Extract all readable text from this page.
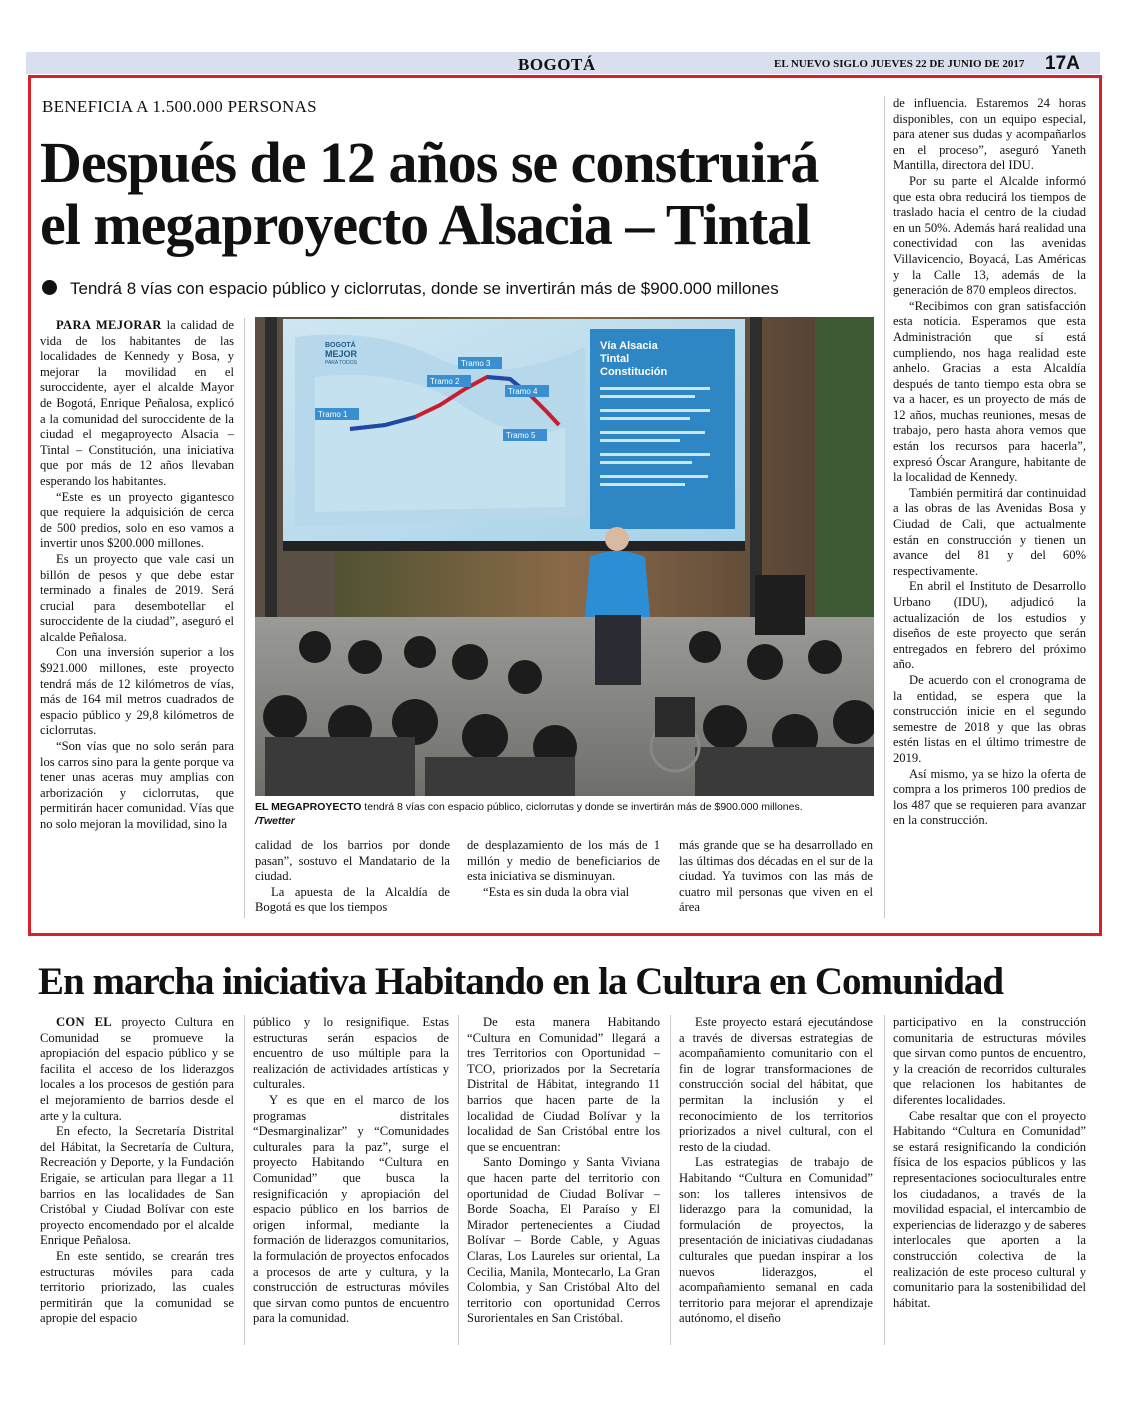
BOGOTÁ	EL NUEVO SIGLO JUEVES 22 DE JUNIO DE 2017 17A
BENEFICIA A 1.500.000 PERSONAS
Después de 12 años se construirá
el megaproyecto Alsacia – Tintal
Tendrá 8 vías con espacio público y ciclorrutas, donde se invertirán más de $900.000 millones

PARA MEJORAR la calidad de vida de los habitantes de las localidades de Kennedy y Bosa, y mejorar la movilidad en el suroccidente, ayer el alcalde Mayor de Bogotá, Enrique Peñalosa, explicó a la comunidad del suroccidente de la ciudad el megaproyecto Alsacia – Tintal – Constitución, una iniciativa que por más de 12 años llevaban esperando los habitantes.

“Este es un proyecto gigantesco que requiere la adquisición de cerca de 500 predios, solo en eso vamos a invertir unos $200.000 millones.

Es un proyecto que vale casi un billón de pesos y que debe estar terminado a finales de 2019. Será crucial para desembotellar el suroccidente de la ciudad”, aseguró el alcalde Peñalosa.

Con una inversión superior a los $921.000 millones, este proyecto tendrá más de 12 kilómetros de vías, más de 164 mil metros cuadrados de espacio público y 29,8 kilómetros de ciclorrutas.

“Son vías que no solo serán para los carros sino para la gente porque va tener unas aceras muy amplias con arborización y ciclorrutas, que permitirán hacer comunidad. Vías que no solo mejoran la movilidad, sino la

Tramo 1
Tramo 2
Tramo 3
Tramo 4
Tramo 5
BOGOTÁ
MEJOR
PARA TODOS
Vía Alsacia
Tintal
Constitución
EL MEGAPROYECTO tendrá 8 vías con espacio público, ciclorrutas y donde se invertirán más de $900.000 millones.
/Twetter

calidad de los barrios por donde pasan”, sostuvo el Mandatario de la ciudad.

La apuesta de la Alcaldía de Bogotá es que los tiempos

de desplazamiento de los más de 1 millón y medio de beneficiarios de esta iniciativa se disminuyan.

“Esta es sin duda la obra vial

más grande que se ha desarrollado en las últimas dos décadas en el sur de la ciudad. Ya tuvimos con las más de cuatro mil personas que viven en el área

de influencia. Estaremos 24 horas disponibles, con un equipo especial, para atener sus dudas y acompañarlos en el proceso”, aseguró Yaneth Mantilla, directora del IDU.

Por su parte el Alcalde informó que esta obra reducirá los tiempos de traslado hacia el centro de la ciudad en un 50%. Además hará realidad una conectividad con las avenidas Villavicencio, Boyacá, Las Américas y la Calle 13, además de la generación de 870 empleos directos.

“Recibimos con gran satisfacción esta noticia. Esperamos que esta Administración que sí está cumpliendo, nos haga realidad este anhelo. Gracias a esta Alcaldía después de tanto tiempo esta obra se va a hacer, es un proyecto de más de 12 años, muchas reuniones, mesas de trabajo, pero hasta ahora vemos que están los recursos para hacerla”, expresó Óscar Arangure, habitante de la localidad de Kennedy.

También permitirá dar continuidad a las obras de las Avenidas Bosa y Ciudad de Cali, que actualmente están en construcción y tienen un avance del 81 y del 60% respectivamente.

En abril el Instituto de Desarrollo Urbano (IDU), adjudicó la actualización de los estudios y diseños de este proyecto que serán entregados en febrero del próximo año.

De acuerdo con el cronograma de la entidad, se espera que la construcción inicie en el segundo semestre de 2018 y que las obras estén listas en el último trimestre de 2019.

Así mismo, ya se hizo la oferta de compra a los primeros 100 predios de los 487 que se requieren para avanzar en la construcción.

En marcha iniciativa Habitando en la Cultura en Comunidad

CON EL proyecto Cultura en Comunidad se promueve la apropiación del espacio público y se facilita el acceso de los liderazgos locales a los procesos de gestión para el mejoramiento de barrios desde el arte y la cultura.

En efecto, la Secretaría Distrital del Hábitat, la Secretaría de Cultura, Recreación y Deporte, y la Fundación Erigaie, se articulan para llegar a 11 barrios en las localidades de San Cristóbal y Ciudad Bolívar con este proyecto encomendado por el alcalde Enrique Peñalosa.

En este sentido, se crearán tres estructuras móviles para cada territorio priorizado, las cuales permitirán que la comunidad se apropie del espacio

público y lo resignifique. Estas estructuras serán espacios de encuentro de uso múltiple para la realización de actividades artísticas y culturales.

Y es que en el marco de los programas distritales “Desmarginalizar” y “Comunidades culturales para la paz”, surge el proyecto Habitando “Cultura en Comunidad” que busca la resignificación y apropiación del espacio público en los barrios de origen informal, mediante la formación de liderazgos comunitarios, la formulación de proyectos enfocados a procesos de arte y cultura, y la construcción de estructuras móviles que sirvan como puntos de encuentro para la comunidad.

De esta manera Habitando “Cultura en Comunidad” llegará a tres Territorios con Oportunidad – TCO, priorizados por la Secretaría Distrital de Hábitat, integrando 11 barrios que hacen parte de la localidad de Ciudad Bolívar y la localidad de San Cristóbal entre los que se encuentran:

Santo Domingo y Santa Viviana que hacen parte del territorio con oportunidad de Ciudad Bolívar – Borde Soacha, El Paraíso y El Mirador pertenecientes a Ciudad Bolívar – Borde Cable, y Aguas Claras, Los Laureles sur oriental, La Cecilia, Manila, Montecarlo, La Gran Colombia, y San Cristóbal Alto del territorio con oportunidad Cerros Surorientales en San Cristóbal.

Este proyecto estará ejecutándose a través de diversas estrategias de acompañamiento comunitario con el fin de lograr transformaciones de construcción social del hábitat, que permitan la inclusión y el reconocimiento de los territorios priorizados a nivel cultural, con el resto de la ciudad.

Las estrategias de trabajo de Habitando “Cultura en Comunidad” son: los talleres intensivos de liderazgo para la comunidad, la formulación de proyectos, la presentación de iniciativas ciudadanas culturales que puedan inspirar a los nuevos liderazgos, el acompañamiento semanal en cada territorio para mejorar el aprendizaje autónomo, el diseño

participativo en la construcción comunitaria de estructuras móviles que sirvan como puntos de encuentro, y la creación de recorridos culturales que relacionen los habitantes de diferentes localidades.

Cabe resaltar que con el proyecto Habitando “Cultura en Comunidad” se estará resignificando la condición física de los espacios públicos y las representaciones socioculturales entre los ciudadanos, a través de la movilidad espacial, el intercambio de experiencias de liderazgo y de saberes interlocales que aporten a la construcción colectiva de la realización de este proceso cultural y comunitario para la sostenibilidad del hábitat.
